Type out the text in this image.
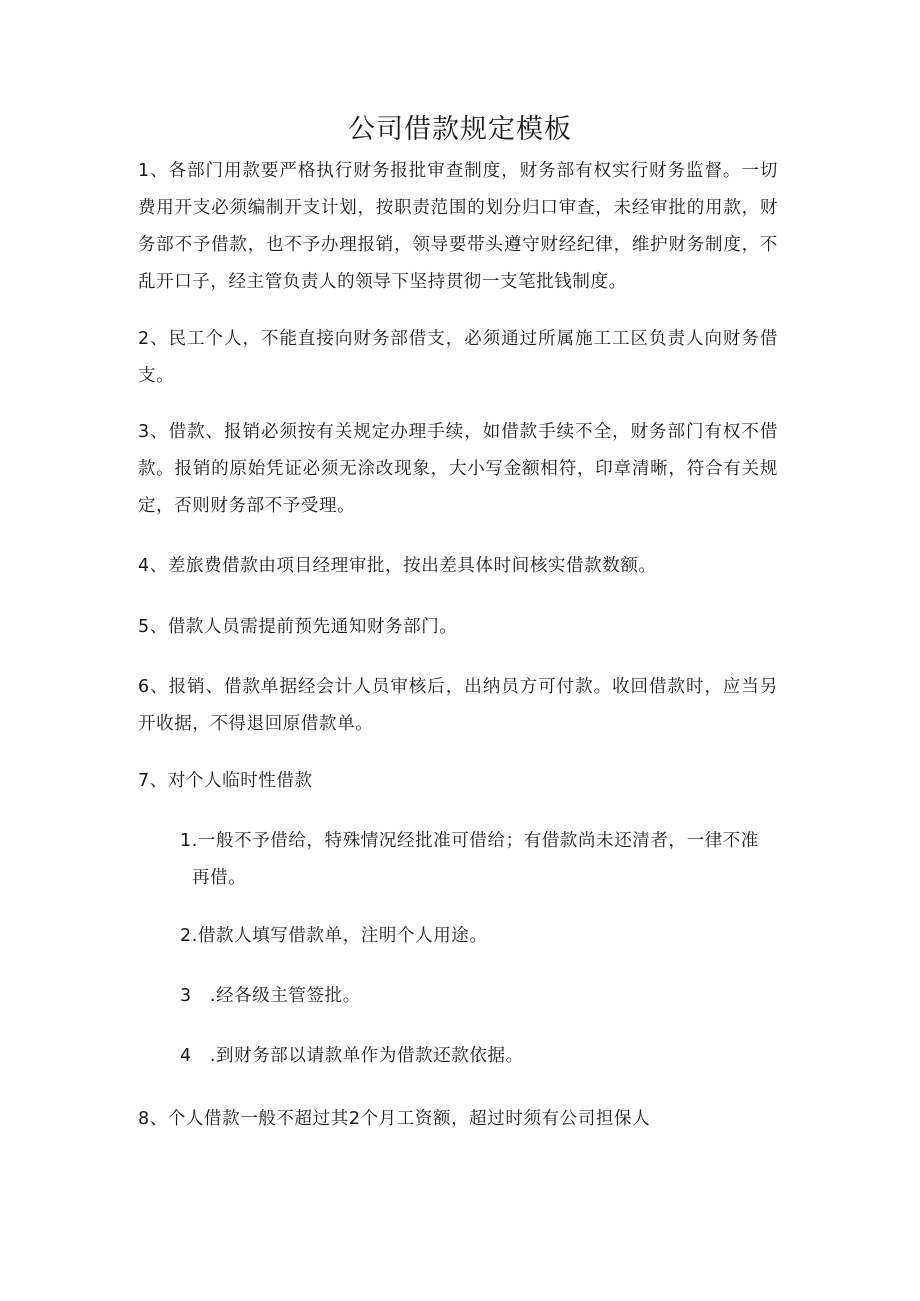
公司借款规定模板

1、各部门用款要严格执行财务报批审查制度，财务部有权实行财务监督。一切费用开支必须编制开支计划，按职责范围的划分归口审查，未经审批的用款，财务部不予借款，也不予办理报销，领导要带头遵守财经纪律，维护财务制度，不乱开口子，经主管负责人的领导下坚持贯彻一支笔批钱制度。

2、民工个人，不能直接向财务部借支，必须通过所属施工工区负责人向财务借支。

3、借款、报销必须按有关规定办理手续，如借款手续不全，财务部门有权不借款。报销的原始凭证必须无涂改现象，大小写金额相符，印章清晰，符合有关规定，否则财务部不予受理。

4、差旅费借款由项目经理审批，按出差具体时间核实借款数额。

5、借款人员需提前预先通知财务部门。

6、报销、借款单据经会计人员审核后，出纳员方可付款。收回借款时，应当另开收据，不得退回原借款单。

7、对个人临时性借款

1.一般不予借给，特殊情况经批准可借给；有借款尚未还清者，一律不准
再借。

2.借款人填写借款单，注明个人用途。

3　.经各级主管签批。

4　.到财务部以请款单作为借款还款依据。

8、个人借款一般不超过其2个月工资额，超过时须有公司担保人
